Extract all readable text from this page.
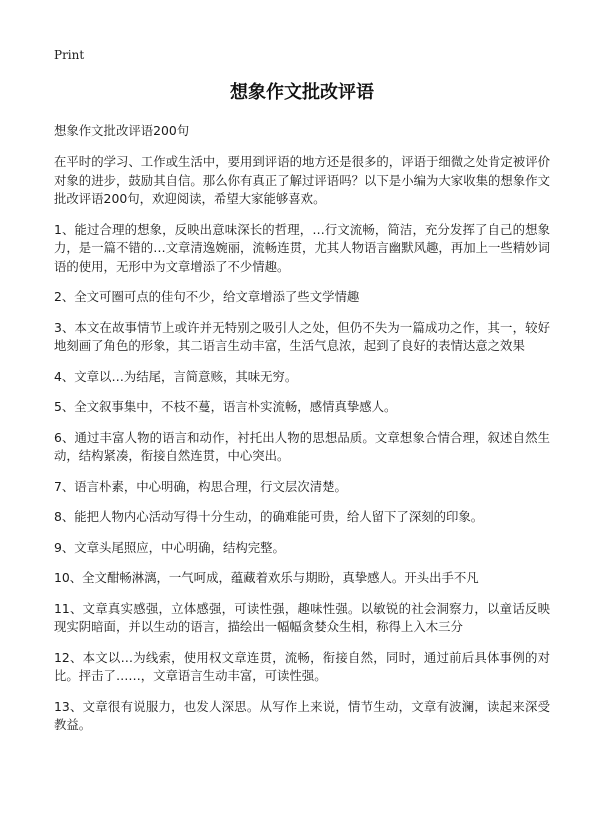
Print
想象作文批改评语

想象作文批改评语200句

在平时的学习、工作或生活中，要用到评语的地方还是很多的，评语于细微之处肯定被评价对象的进步，鼓励其自信。那么你有真正了解过评语吗？以下是小编为大家收集的想象作文批改评语200句，欢迎阅读，希望大家能够喜欢。

1、能过合理的想象，反映出意味深长的哲理，…行文流畅，简洁，充分发挥了自己的想象力，是一篇不错的…文章清逸婉丽，流畅连贯，尤其人物语言幽默风趣，再加上一些精妙词语的使用，无形中为文章增添了不少情趣。

2、全文可圈可点的佳句不少，给文章增添了些文学情趣

3、本文在故事情节上或许并无特别之吸引人之处，但仍不失为一篇成功之作，其一，较好地刻画了角色的形象，其二语言生动丰富，生活气息浓，起到了良好的表情达意之效果

4、文章以…为结尾，言简意赅，其味无穷。

5、全文叙事集中，不枝不蔓，语言朴实流畅，感情真挚感人。

6、通过丰富人物的语言和动作，衬托出人物的思想品质。文章想象合情合理，叙述自然生动，结构紧凑，衔接自然连贯，中心突出。

7、语言朴素，中心明确，构思合理，行文层次清楚。

8、能把人物内心活动写得十分生动，的确难能可贵，给人留下了深刻的印象。

9、文章头尾照应，中心明确，结构完整。

10、全文酣畅淋漓，一气呵成，蕴藏着欢乐与期盼，真挚感人。开头出手不凡

11、文章真实感强，立体感强，可读性强，趣味性强。以敏锐的社会洞察力，以童话反映现实阴暗面，并以生动的语言，描绘出一幅幅贪婪众生相，称得上入木三分

12、本文以…为线索，使用权文章连贯，流畅，衔接自然，同时，通过前后具体事例的对比。抨击了……，文章语言生动丰富，可读性强。

13、文章很有说服力，也发人深思。从写作上来说，情节生动，文章有波澜，读起来深受教益。
